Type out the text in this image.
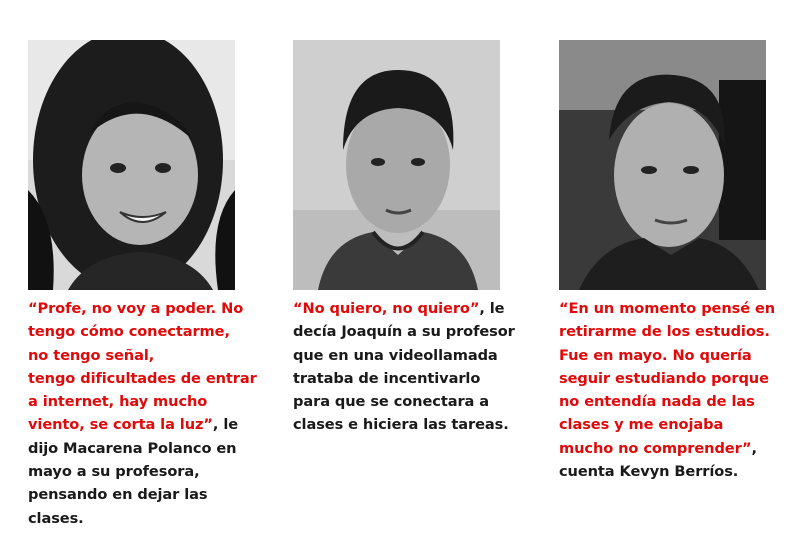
“Profe, no voy a poder. No
tengo cómo conectarme,
no tengo señal,
tengo dificultades de entrar
a internet, hay mucho
viento, se corta la luz”, le
dijo Macarena Polanco en
mayo a su profesora,
pensando en dejar las
clases.
“No quiero, no quiero”, le
decía Joaquín a su profesor
que en una videollamada
trataba de incentivarlo
para que se conectara a
clases e hiciera las tareas.
“En un momento pensé en
retirarme de los estudios.
Fue en mayo. No quería
seguir estudiando porque
no entendía nada de las
clases y me enojaba
mucho no comprender”,
cuenta Kevyn Berríos.
